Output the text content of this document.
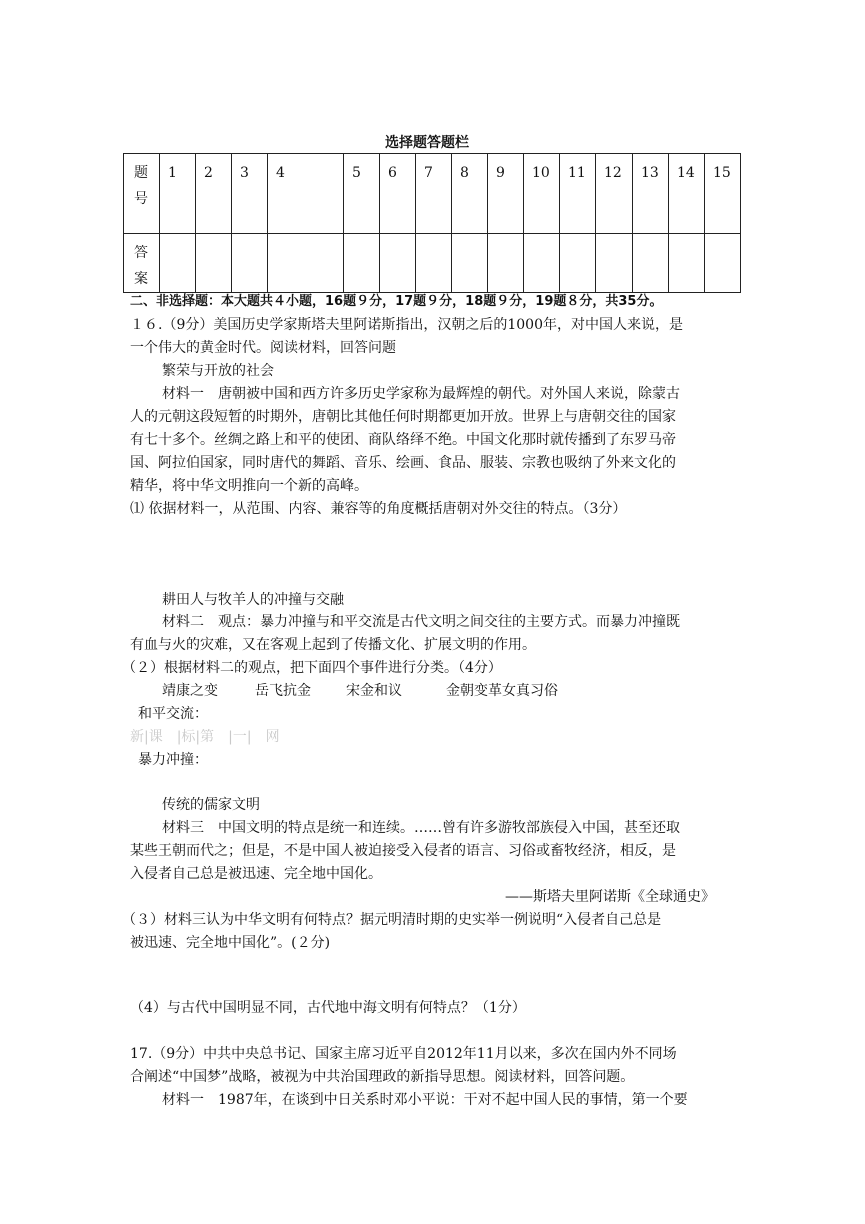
选择题答题栏
题
号	1	2	3	4	5	6	7	8	9	10	11	12	13	14	15

答
案															

二、非选择题：本大题共４小题，16题９分，17题９分，18题９分，19题８分，共35分。
１６.（9分）美国历史学家斯塔夫里阿诺斯指出，汉朝之后的1000年，对中国人来说，是
一个伟大的黄金时代。阅读材料，回答问题
繁荣与开放的社会
材料一　唐朝被中国和西方许多历史学家称为最辉煌的朝代。对外国人来说，除蒙古
人的元朝这段短暂的时期外，唐朝比其他任何时期都更加开放。世界上与唐朝交往的国家
有七十多个。丝绸之路上和平的使团、商队络绎不绝。中国文化那时就传播到了东罗马帝
国、阿拉伯国家，同时唐代的舞蹈、音乐、绘画、食品、服装、宗教也吸纳了外来文化的
精华，将中华文明推向一个新的高峰。
⑴ 依据材料一，从范围、内容、兼容等的角度概括唐朝对外交往的特点。（3分）
耕田人与牧羊人的冲撞与交融
材料二　观点：暴力冲撞与和平交流是古代文明之间交往的主要方式。而暴力冲撞既
有血与火的灾难，又在客观上起到了传播文化、扩展文明的作用。
（２）根据材料二的观点，把下面四个事件进行分类。（4分）
靖康之变	岳飞抗金	宋金和议	金朝变革女真习俗
和平交流：
新|课　|标|第　|一|　网
暴力冲撞：
传统的儒家文明
材料三　中国文明的特点是统一和连续。……曾有许多游牧部族侵入中国，甚至还取
某些王朝而代之；但是，不是中国人被迫接受入侵者的语言、习俗或畜牧经济，相反，是
入侵者自己总是被迅速、完全地中国化。
——斯塔夫里阿诺斯《全球通史》
（３）材料三认为中华文明有何特点？据元明清时期的史实举一例说明“入侵者自己总是
被迅速、完全地中国化”。(２分)
（4）与古代中国明显不同，古代地中海文明有何特点？（1分）
17.（9分）中共中央总书记、国家主席习近平自2012年11月以来，多次在国内外不同场
合阐述“中国梦”战略，被视为中共治国理政的新指导思想。阅读材料，回答问题。
材料一　1987年，在谈到中日关系时邓小平说：干对不起中国人民的事情，第一个要
